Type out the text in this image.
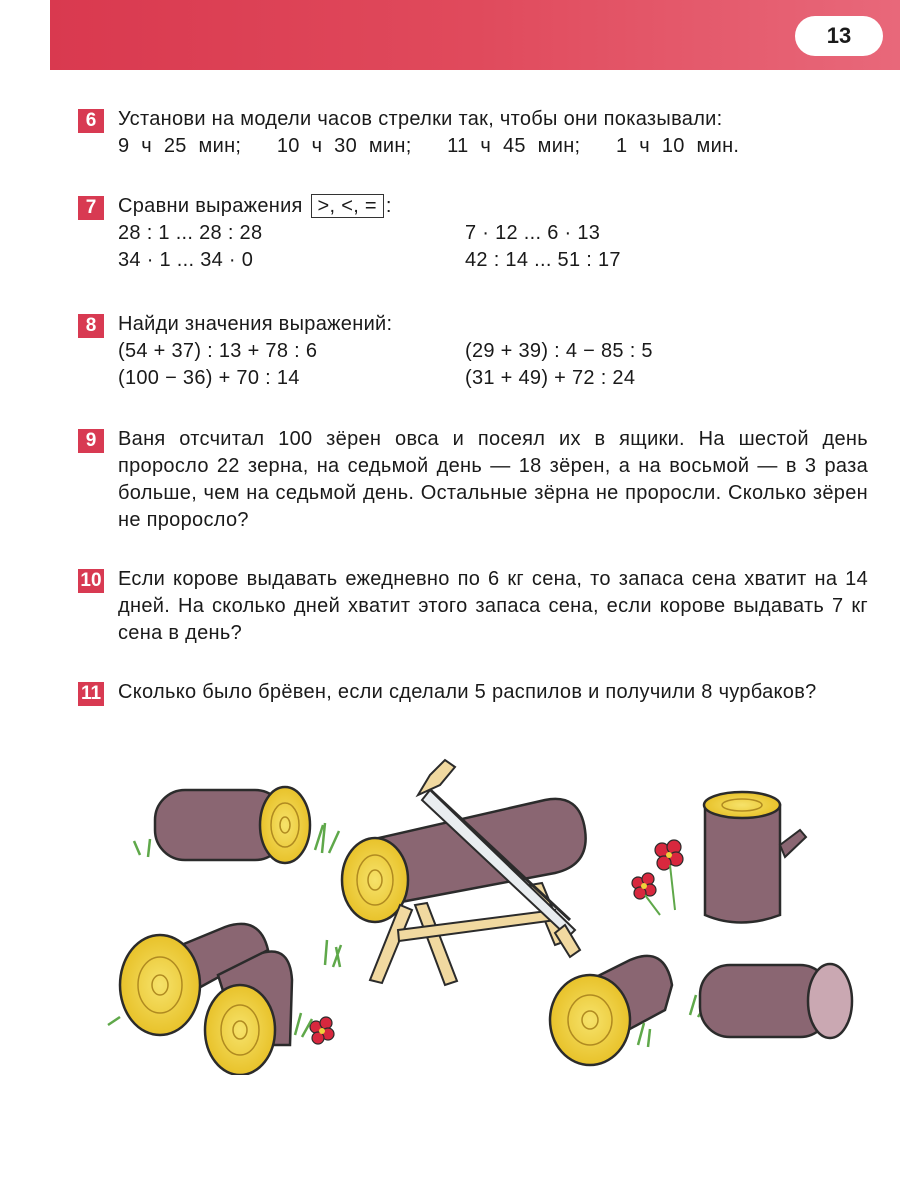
13
6	Установи на модели часов стрелки так, чтобы они показывали:
9 ч 25 мин; 10 ч 30 мин; 11 ч 45 мин; 1 ч 10 мин.
7	Сравни выражения >, <, = :
28 : 1 ... 28 : 28	7 · 12 ... 6 · 13
34 · 1 ... 34 · 0	42 : 14 ... 51 : 17
8	Найди значения выражений:
(54 + 37) : 13 + 78 : 6	(29 + 39) : 4 − 85 : 5
(100 − 36) + 70 : 14	(31 + 49) + 72 : 24
9	Ваня отсчитал 100 зёрен овса и посеял их в ящики. На шестой день проросло 22 зерна, на седьмой день — 18 зёрен, а на восьмой — в 3 раза больше, чем на седьмой день. Остальные зёрна не проросли. Сколько зёрен не проросло?
10 Если корове выдавать ежедневно по 6 кг сена, то запаса сена хватит на 14 дней. На сколько дней хватит этого запаса сена, если корове выдавать 7 кг сена в день?
11 Сколько было брёвен, если сделали 5 распилов и получили 8 чурбаков?
